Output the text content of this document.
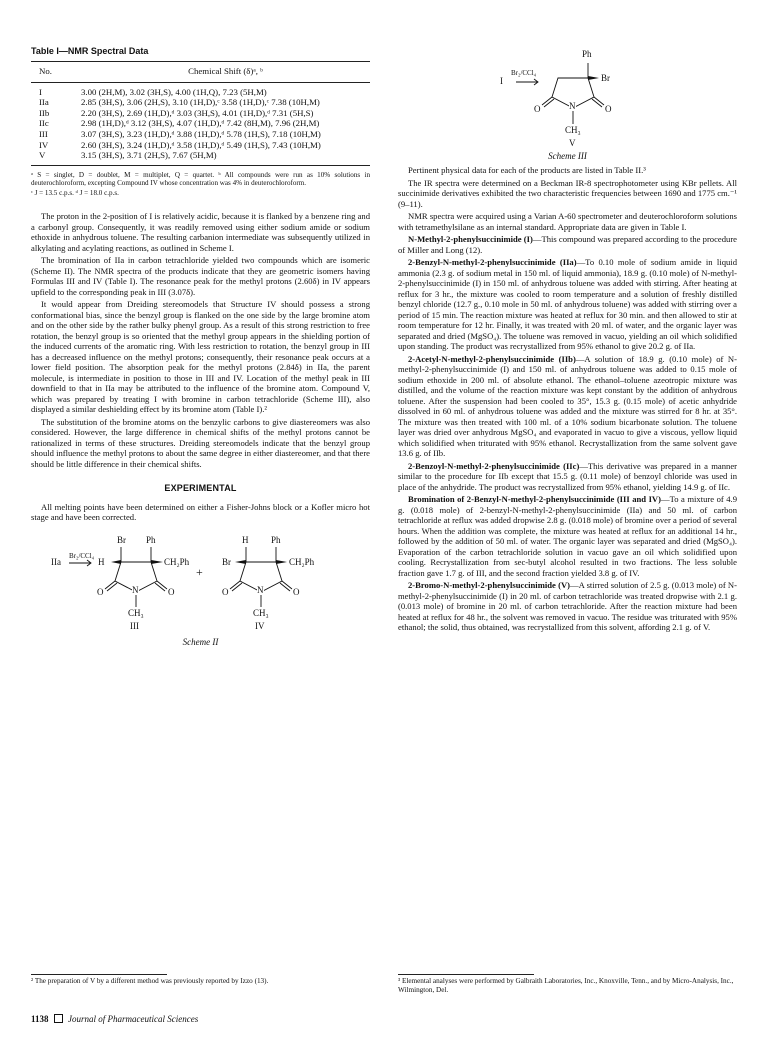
Table I—NMR Spectral Data
No.	Chemical Shift (δ)ᵃ, ᵇ
I	3.00 (2H,M), 3.02 (3H,S), 4.00 (1H,Q), 7.23 (5H,M)
IIa	2.85 (3H,S), 3.06 (2H,S), 3.10 (1H,D),ᶜ 3.58 (1H,D),ᶜ 7.38 (10H,M)
IIb	2.20 (3H,S), 2.69 (1H,D),ᵈ 3.03 (3H,S), 4.01 (1H,D),ᵈ 7.31 (5H,S)
IIc	2.98 (1H,D),ᵈ 3.12 (3H,S), 4.07 (1H,D),ᵈ 7.42 (8H,M), 7.96 (2H,M)
III	3.07 (3H,S), 3.23 (1H,D),ᵈ 3.88 (1H,D),ᵈ 5.78 (1H,S), 7.18 (10H,M)
IV	2.60 (3H,S), 3.24 (1H,D),ᵈ 3.58 (1H,D),ᵈ 5.49 (1H,S), 7.43 (10H,M)
V	3.15 (3H,S), 3.71 (2H,S), 7.67 (5H,M)

ᵃ S = singlet, D = doublet, M = multiplet, Q = quartet. ᵇ All compounds were run as 10% solutions in deuterochloroform, excepting Compound IV whose concentration was 4% in deuterochloroform.

ᶜ J = 13.5 c.p.s. ᵈ J = 18.0 c.p.s.

The proton in the 2-position of I is relatively acidic, because it is flanked by a benzene ring and a carbonyl group. Consequently, it was readily removed using either sodium amide or sodium ethoxide in anhydrous toluene. The resulting carbanion intermediate was subsequently utilized in alkylating and acylating reactions, as outlined in Scheme I.

The bromination of IIa in carbon tetrachloride yielded two compounds which are isomeric (Scheme II). The NMR spectra of the products indicate that they are geometric isomers having Formulas III and IV (Table I). The resonance peak for the methyl protons (2.60δ) in IV appears upfield to the corresponding peak in III (3.07δ).

It would appear from Dreiding stereomodels that Structure IV should possess a strong conformational bias, since the benzyl group is flanked on the one side by the large bromine atom and on the other side by the rather bulky phenyl group. As a result of this strong restriction to free rotation, the benzyl group is so oriented that the methyl group appears in the shielding portion of the induced currents of the aromatic ring. With less restriction to rotation, the benzyl group in III has a decreased influence on the methyl protons; consequently, their resonance peak occurs at a lower field position. The absorption peak for the methyl protons (2.84δ) in IIa, the parent molecule, is intermediate in position to those in III and IV. Location of the methyl peak in III downfield to that in IIa may be attributed to the influence of the bromine atom. Compound V, which was prepared by treating I with bromine in carbon tetrachloride (Scheme III), also displayed a similar deshielding effect by its bromine atom (Table I).²

The substitution of the bromine atoms on the benzylic carbons to give diastereomers was also considered. However, the large difference in chemical shifts of the methyl protons cannot be rationalized in terms of these structures. Dreiding stereomodels indicate that the benzyl group should influence the methyl protons to about the same degree in either diastereomer, and that there should be little difference in their chemical shifts.

EXPERIMENTAL

All melting points have been determined on either a Fisher-Johns block or a Kofler micro hot stage and have been corrected.

IIa
Br₂/CCl₄
Br Ph
H	CH₂Ph
O	N	O
CH₃
III
H	Ph
Br	CH₂Ph
O	N	O
CH₃
IV
+
Scheme II
I
Br₂/CCl₄
Ph
Br
O	N	O
CH₃
V
Scheme III

Pertinent physical data for each of the products are listed in Table II.³

The IR spectra were determined on a Beckman IR-8 spectrophotometer using KBr pellets. All succinimide derivatives exhibited the two characteristic frequencies between 1690 and 1775 cm.⁻¹ (9–11).

NMR spectra were acquired using a Varian A-60 spectrometer and deuterochloroform solutions with tetramethylsilane as an internal standard. Appropriate data are given in Table I.

N-Methyl-2-phenylsuccinimide (I)—This compound was prepared according to the procedure of Miller and Long (12).

2-Benzyl-N-methyl-2-phenylsuccinimide (IIa)—To 0.10 mole of sodium amide in liquid ammonia (2.3 g. of sodium metal in 150 ml. of liquid ammonia), 18.9 g. (0.10 mole) of N-methyl-2-phenylsuccinimide (I) in 150 ml. of anhydrous toluene was added with stirring. After heating at reflux for 3 hr., the mixture was cooled to room temperature and a solution of freshly distilled benzyl chloride (12.7 g., 0.10 mole in 50 ml. of anhydrous toluene) was added with stirring over a period of 15 min. The reaction mixture was heated at reflux for 30 min. and then allowed to stir at room temperature for 12 hr. Finally, it was treated with 20 ml. of water, and the organic layer was separated and dried (MgSO₄). The toluene was removed in vacuo, yielding an oil which solidified upon standing. The product was recrystallized from 95% ethanol to give 20.2 g. of IIa.

2-Acetyl-N-methyl-2-phenylsuccinimide (IIb)—A solution of 18.9 g. (0.10 mole) of N-methyl-2-phenylsuccinimide (I) and 150 ml. of anhydrous toluene was added to 0.15 mole of sodium ethoxide in 200 ml. of absolute ethanol. The ethanol–toluene azeotropic mixture was distilled, and the volume of the reaction mixture was kept constant by the addition of anhydrous toluene. After the suspension had been cooled to 35°, 15.3 g. (0.15 mole) of acetic anhydride dissolved in 60 ml. of anhydrous toluene was added and the mixture was stirred for 8 hr. at 35°. The mixture was then treated with 100 ml. of a 10% sodium bicarbonate solution. The toluene layer was dried over anhydrous MgSO₄ and evaporated in vacuo to give a viscous, yellow liquid which solidified when triturated with 95% ethanol. Recrystallization from the same solvent gave 13.6 g. of IIb.

2-Benzoyl-N-methyl-2-phenylsuccinimide (IIc)—This derivative was prepared in a manner similar to the procedure for IIb except that 15.5 g. (0.11 mole) of benzoyl chloride was used in place of the anhydride. The product was recrystallized from 95% ethanol, yielding 14.9 g. of IIc.

Bromination of 2-Benzyl-N-methyl-2-phenylsuccinimide (III and IV)—To a mixture of 4.9 g. (0.018 mole) of 2-benzyl-N-methyl-2-phenylsuccinimide (IIa) and 50 ml. of carbon tetrachloride at reflux was added dropwise 2.8 g. (0.018 mole) of bromine over a period of several hours. When the addition was complete, the mixture was heated at reflux for an additional 14 hr., followed by the addition of 50 ml. of water. The organic layer was separated and dried (MgSO₄). Evaporation of the carbon tetrachloride solution in vacuo gave an oil which solidified upon cooling. Recrystallization from sec-butyl alcohol resulted in two fractions. The less soluble fraction gave 1.7 g. of III, and the second fraction yielded 3.8 g. of IV.

2-Bromo-N-methyl-2-phenylsuccinimide (V)—A stirred solution of 2.5 g. (0.013 mole) of N-methyl-2-phenylsuccinimide (I) in 20 ml. of carbon tetrachloride was treated dropwise with 2.1 g. (0.013 mole) of bromine in 20 ml. of carbon tetrachloride. After the reaction mixture had been heated at reflux for 48 hr., the solvent was removed in vacuo. The residue was triturated with 95% ethanol; the solid, thus obtained, was recrystallized from this solvent, affording 2.1 g. of V.

² The preparation of V by a different method was previously reported by Izzo (13).	³ Elemental analyses were performed by Galbraith Laboratories, Inc., Knoxville, Tenn., and by Micro-Analysis, Inc., Wilmington, Del.
1138 Journal of Pharmaceutical Sciences
